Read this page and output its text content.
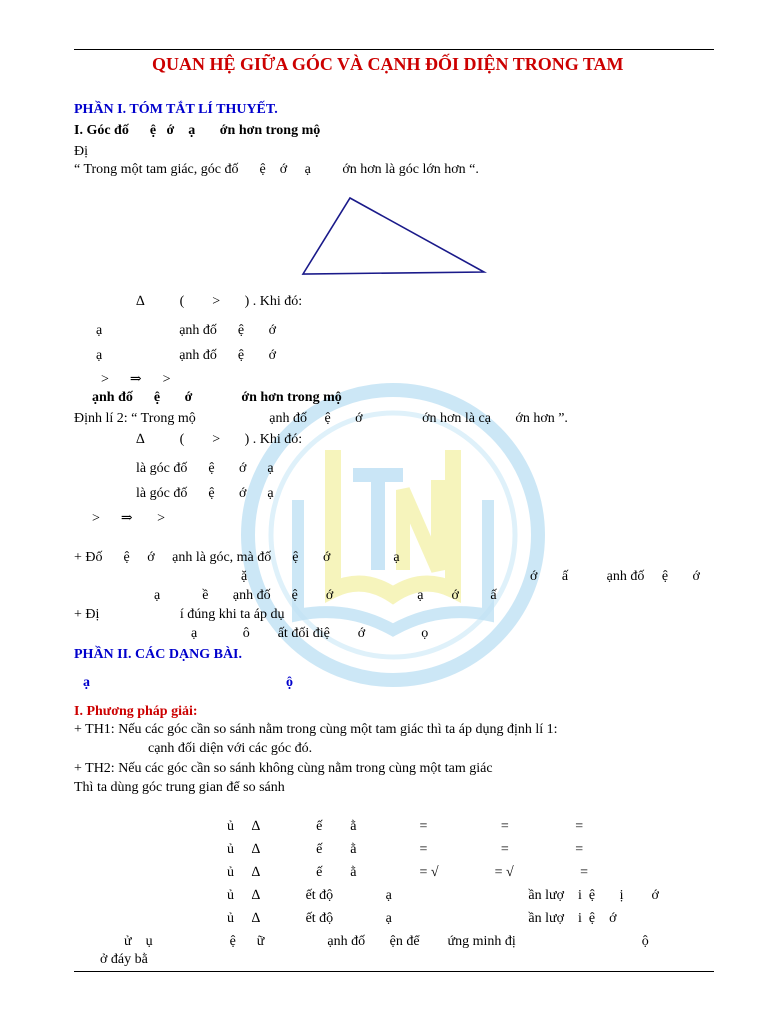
QUAN HỆ GIỮA GÓC VÀ CẠNH ĐỐI DIỆN TRONG TAM
PHẦN I. TÓM TẮT LÍ THUYẾT.
I. Góc đố      ệ   ớ    ạ       ớn hơn trong mộ
Đị
“ Trong một tam giác, góc đố      ệ    ớ     ạ         ớn hơn là góc lớn hơn “.
∆          (        >       ) . Khi đó:
ạ                      ạnh đố      ệ       ớ
ạ                      ạnh đố      ệ       ớ
>      ⇒      >
ạnh đố      ệ       ớ              ớn hơn trong mộ
Định lí 2: “ Trong mộ                     ạnh đố     ệ       ớ                 ớn hơn là cạ       ớn hơn ”.
∆          (        >       ) . Khi đó:
là góc đố      ệ       ớ      ạ
là góc đố      ệ       ớ      ạ
>      ⇒       >
+ Đố      ệ     ớ     ạnh là góc, mà đố      ệ       ớ                  ạ
ặ	ớ       ấ           ạnh đố     ệ       ớ
ạ            ề       ạnh đố      ệ        ớ                        ạ        ớ         ấ
+ Đị                       í đúng khi ta áp dụ
ạ             ô        ất đối điệ        ớ                ọ
PHẦN II. CÁC DẠNG BÀI.
ạ                                                        ộ
I. Phương pháp giải:
+ TH1: Nếu các góc cần so sánh nằm trong cùng một tam giác thì ta áp dụng định lí 1:
cạnh đối diện với các góc đó.
+ TH2: Nếu các góc cần so sánh không cùng nằm trong cùng một tam giác
Thì ta dùng góc trung gian để so sánh
ủ     ∆                ế        ằ                  =                     =                   =
ủ     ∆                ế        ằ                  =                     =                   =
ủ     ∆                ế        ằ                  = √                = √                   =
ủ     ∆             ết độ               ạ                                       ần lượ    i  ệ       ị        ớ
ủ     ∆             ết độ               ạ                                       ần lượ    i  ệ    ớ
ử    ụ                      ệ      ữ                  ạnh đố       ện để        ứng minh đị                                    ộ
ở đáy bằ
